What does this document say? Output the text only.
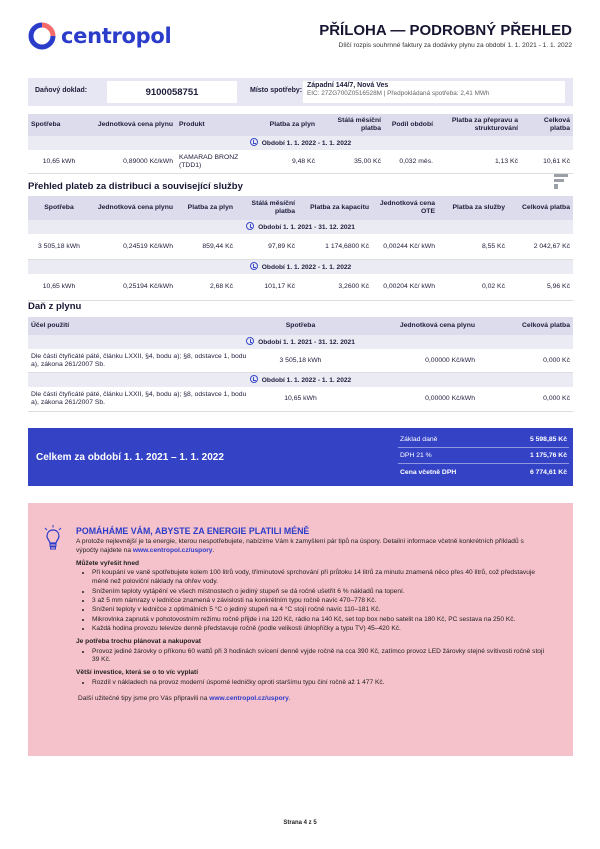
centropol	PŘÍLOHA — PODROBNÝ PŘEHLED
Dílčí rozpis souhrnné faktury za dodávky plynu za období 1. 1. 2021 - 1. 1. 2022
Daňový doklad:	9100058751	Místo spotřeby:
Západní 144/7, Nová Ves
EIC: 27ZG700Z0516528M | Předpokládaná spotřeba: 2,41 MWh
Spotřeba	Jednotková cena plynu	Produkt	Platba za plyn	Stálá měsíční platba	Podíl období	Platba za přepravu a strukturování	Celková platba
Období 1. 1. 2022 - 1. 1. 2022							
10,65 kWh	0,89000 Kč/kWh	KAMARAD BRONZ (TDD1)	9,48 Kč	35,00 Kč	0,032 měs.	1,13 Kč	10,61 Kč
Přehled plateb za distribuci a související služby
Spotřeba	Jednotková cena plynu	Platba za plyn	Stálá měsíční platba	Platba za kapacitu	Jednotková cena OTE	Platba za služby	Celková platba
Období 1. 1. 2021 - 31. 12. 2021							
3 505,18 kWh	0,24519 Kč/kWh	859,44 Kč	97,89 Kč	1 174,6800 Kč	0,00244 Kč/ kWh	8,55 Kč	2 042,67 Kč
Období 1. 1. 2022 - 1. 1. 2022							
10,65 kWh	0,25194 Kč/kWh	2,68 Kč	101,17 Kč	3,2600 Kč	0,00204 Kč/ kWh	0,02 Kč	5,96 Kč
Daň z plynu
Účel použití	Spotřeba	Jednotková cena plynu	Celková platba
Období 1. 1. 2021 - 31. 12. 2021			
Dle části čtyřicáté páté, článku LXXII, §4, bodu a); §8, odstavce 1, bodu a), zákona 261/2007 Sb.	3 505,18 kWh	0,00000 Kč/kWh	0,000 Kč
Období 1. 1. 2022 - 1. 1. 2022			
Dle části čtyřicáté páté, článku LXXII, §4, bodu a); §8, odstavce 1, bodu a), zákona 261/2007 Sb.	10,65 kWh	0,00000 Kč/kWh	0,000 Kč
Celkem za období 1. 1. 2021 – 1. 1. 2022
Základ daně	5 598,85 Kč
DPH 21 %	1 175,76 Kč
Cena včetně DPH	6 774,61 Kč
POMÁHÁME VÁM, ABYSTE ZA ENERGIE PLATILI MÉNĚ

A protože nejlevnější je ta energie, kterou nespotřebujete, nabízíme Vám k zamyšlení pár tipů na úspory. Detailní informace včetně konkrétních příkladů s výpočty najdete na www.centropol.cz/uspory.

Můžete vyřešit hned
• Při koupání ve vaně spotřebujete kolem 100 litrů vody, tříminutové sprchování při průtoku 14 litrů za minutu znamená něco přes 40 litrů, což představuje méně než poloviční náklady na ohřev vody.
• Snížením teploty vytápění ve všech místnostech o jediný stupeň se dá ročně ušetřit 6 % nákladů na topení.
• 3 až 5 mm námrazy v ledničce znamená v závislosti na konkrétním typu ročně navíc 470–778 Kč.
• Snížení teploty v ledničce z optimálních 5 °C o jediný stupeň na 4 °C stojí ročně navíc 110–181 Kč.
• Mikrovlnka zapnutá v pohotovostním režimu ročně přijde i na 120 Kč, rádio na 140 Kč, set top box nebo satelit na 180 Kč, PC sestava na 250 Kč.
• Každá hodina provozu televize denně představuje ročně (podle velikosti úhlopříčky a typu TV) 45–420 Kč.
Je potřeba trochu plánovat a nakupovat
• Provoz jediné žárovky o příkonu 60 wattů při 3 hodinách svícení denně vyjde ročně na cca 390 Kč, zatímco provoz LED žárovky stejné svítivosti ročně stojí 39 Kč.
Větší investice, která se o to víc vyplatí
• Rozdíl v nákladech na provoz moderní úsporné ledničky oproti staršímu typu činí ročně až 1 477 Kč.

Další užitečné tipy jsme pro Vás připravili na www.centropol.cz/uspory.

Strana 4 z 5
